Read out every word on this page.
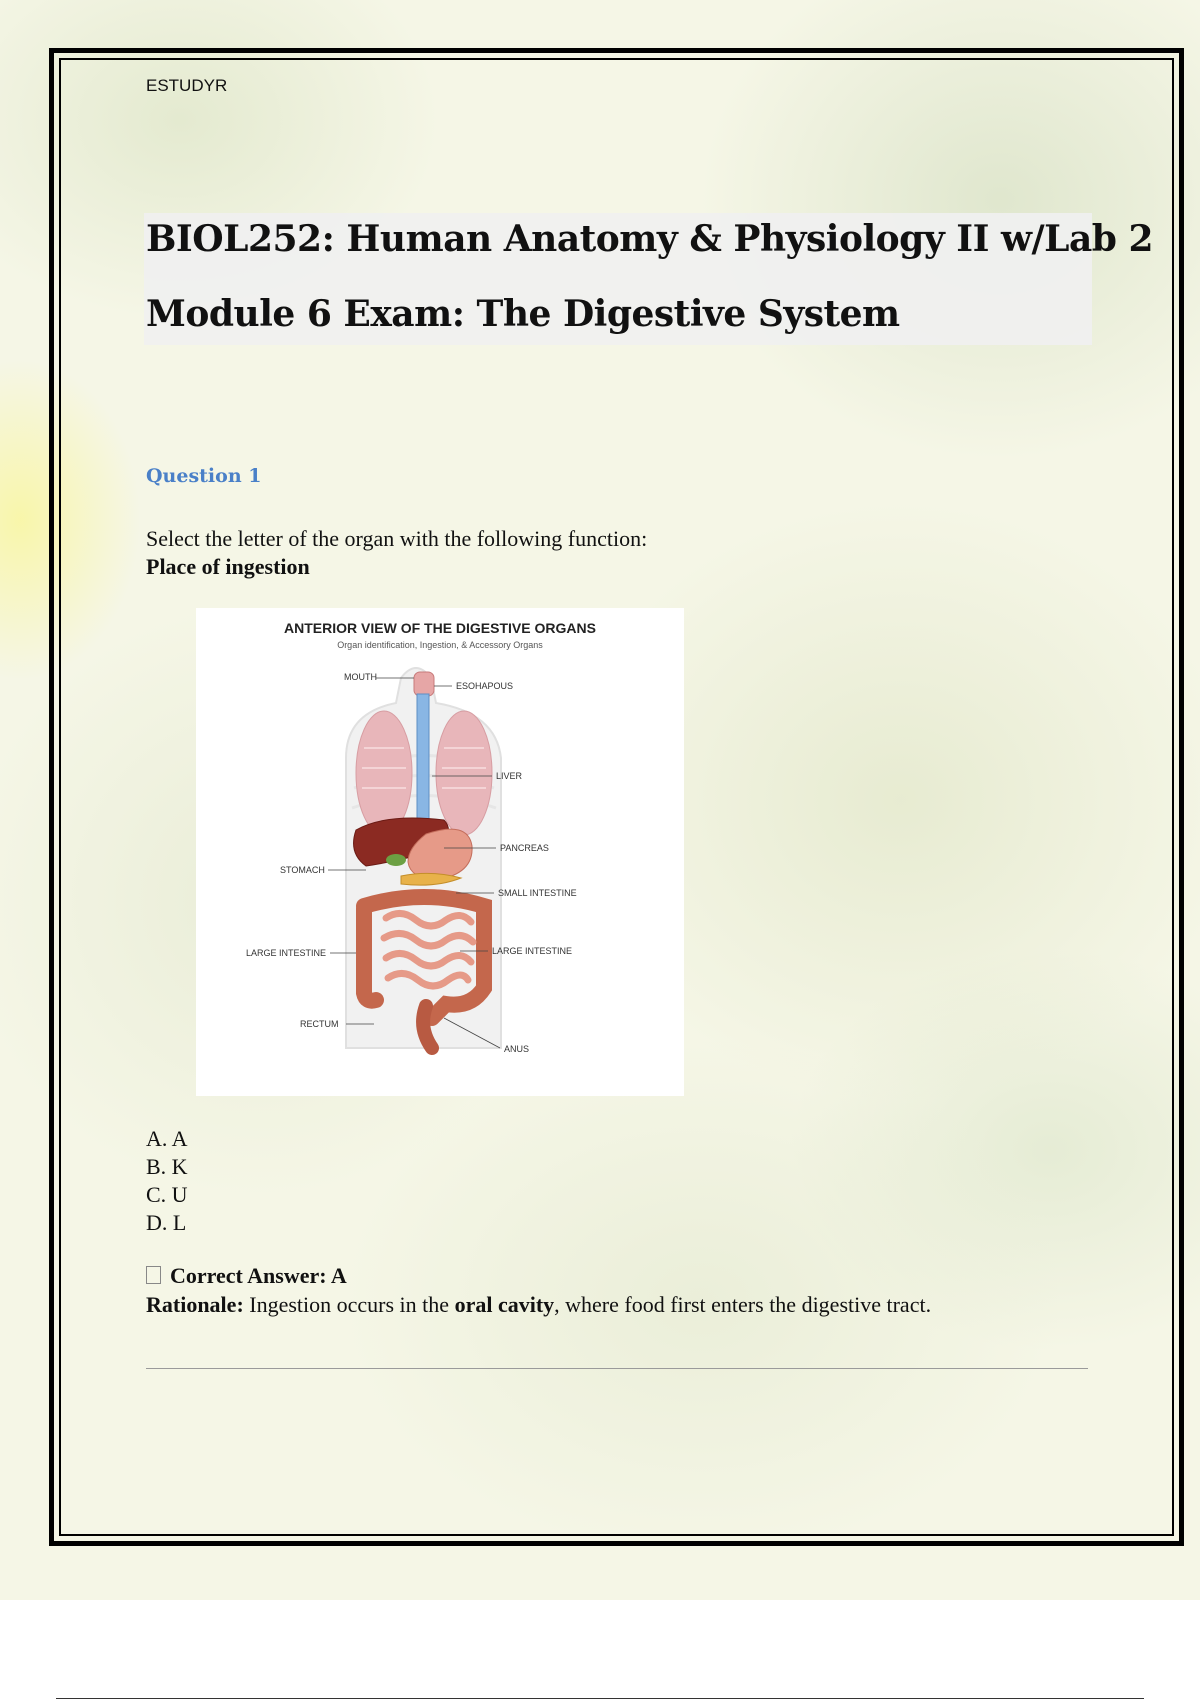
ESTUDYR
BIOL252: Human Anatomy & Physiology II w/Lab 2
Module 6 Exam: The Digestive System
Question 1
Select the letter of the organ with the following function:
Place of ingestion
ANTERIOR VIEW OF THE DIGESTIVE ORGANS
Organ identification, Ingestion, & Accessory Organs
MOUTH
ESOHAPOUS
LIVER
PANCREAS
STOMACH
SMALL INTESTINE
LARGE INTESTINE	LARGE INTESTINE
RECTUM
ANUS
A. A
B. K
C. U
D. L
Correct Answer: A
Rationale: Ingestion occurs in the oral cavity, where food first enters the digestive tract.
